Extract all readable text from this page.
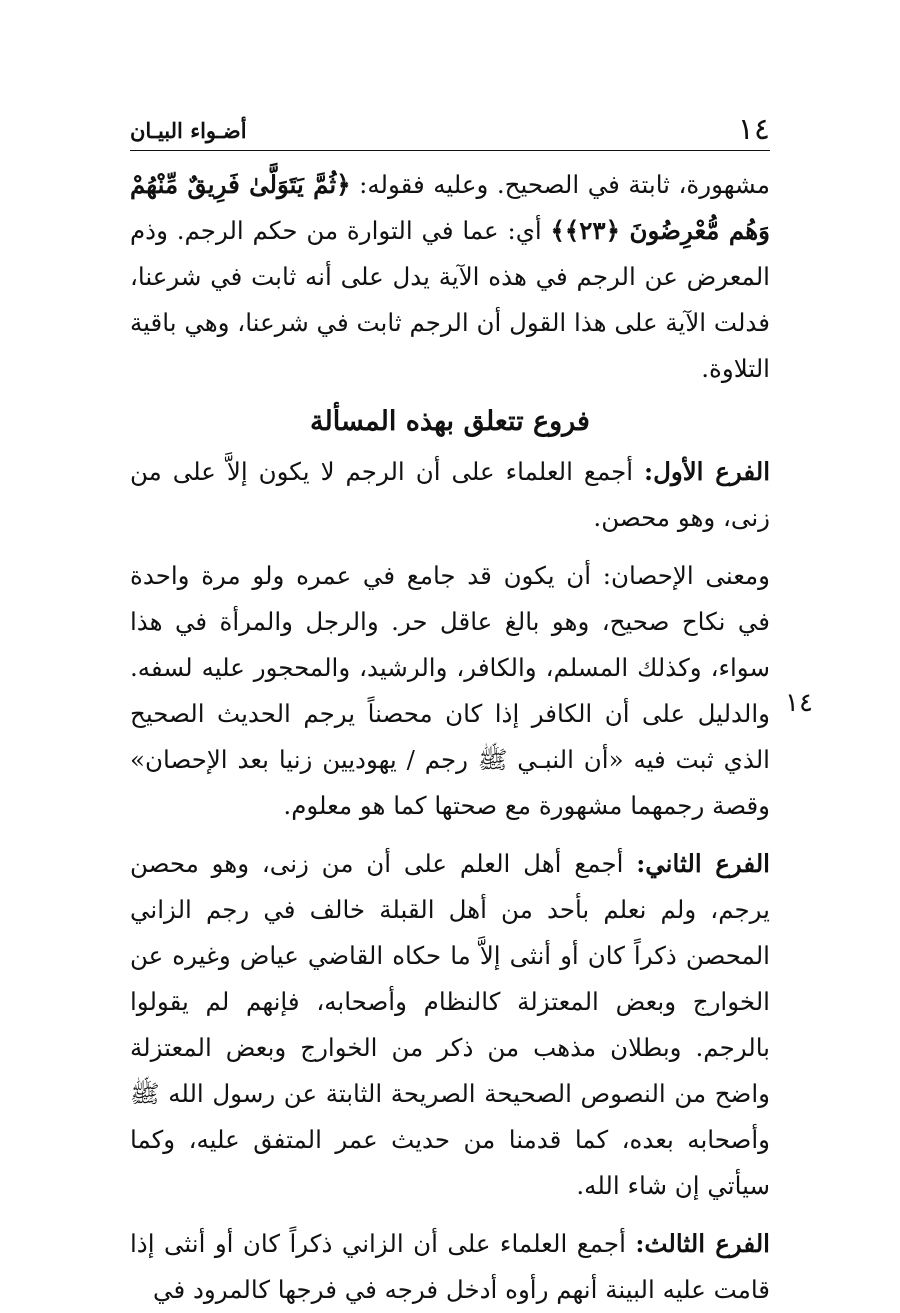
١٤
أضـواء البيـان

مشهورة، ثابتة في الصحيح. وعليه فقوله: ﴿ثُمَّ يَتَوَلَّىٰ فَرِيقٌ مِّنْهُمْ وَهُم مُّعْرِضُونَ ﴿٢٣﴾﴾ أي: عما في التوارة من حكم الرجم. وذم المعرض عن الرجم في هذه الآية يدل على أنه ثابت في شرعنا، فدلت الآية على هذا القول أن الرجم ثابت في شرعنا، وهي باقية التلاوة.

فروع تتعلق بهذه المسألة

الفرع الأول: أجمع العلماء على أن الرجم لا يكون إلاَّ على من زنى، وهو محصن.

ومعنى الإحصان: أن يكون قد جامع في عمره ولو مرة واحدة في نكاح صحيح، وهو بالغ عاقل حر. والرجل والمرأة في هذا سواء، وكذلك المسلم، والكافر، والرشيد، والمحجور عليه لسفه. والدليل على أن الكافر إذا كان محصناً يرجم الحديث الصحيح الذي ثبت فيه «أن النبـي ﷺ رجم / يهوديين زنيا بعد الإحصان» وقصة رجمهما مشهورة مع صحتها كما هو معلوم.

الفرع الثاني: أجمع أهل العلم على أن من زنى، وهو محصن يرجم، ولم نعلم بأحد من أهل القبلة خالف في رجم الزاني المحصن ذكراً كان أو أنثى إلاَّ ما حكاه القاضي عياض وغيره عن الخوارج وبعض المعتزلة كالنظام وأصحابه، فإنهم لم يقولوا بالرجم. وبطلان مذهب من ذكر من الخوارج وبعض المعتزلة واضح من النصوص الصحيحة الصريحة الثابتة عن رسول الله ﷺ وأصحابه بعده، كما قدمنا من حديث عمر المتفق عليه، وكما سيأتي إن شاء الله.

الفرع الثالث: أجمع العلماء على أن الزاني ذكراً كان أو أنثى إذا قامت عليه البينة أنهم رأوه أدخل فرجه في فرجها كالمرود في

١٤
